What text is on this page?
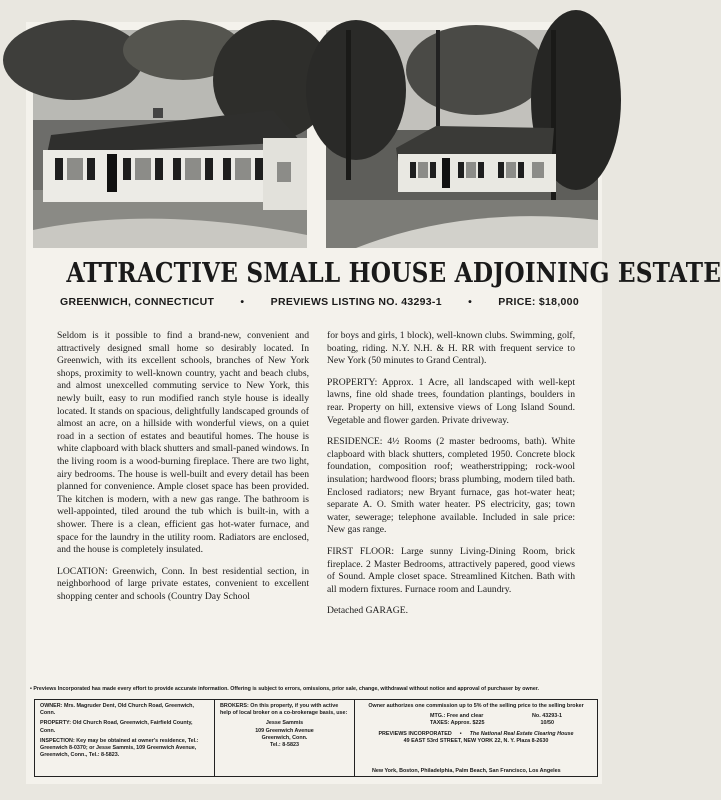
ATTRACTIVE SMALL HOUSE ADJOINING ESTATE
GREENWICH, CONNECTICUT • PREVIEWS LISTING NO. 43293-1 • PRICE: $18,000

Seldom is it possible to find a brand-new, convenient and attractively designed small home so desirably located. In Greenwich, with its excellent schools, branches of New York shops, proximity to well-known country, yacht and beach clubs, and almost unexcelled commuting service to New York, this newly built, easy to run modified ranch style house is ideally located. It stands on spacious, delightfully landscaped grounds of almost an acre, on a hillside with wonderful views, on a quiet road in a section of estates and beautiful homes. The house is white clapboard with black shutters and small-paned windows. In the living room is a wood-burning fireplace. There are two light, airy bedrooms. The house is well-built and every detail has been planned for convenience. Ample closet space has been provided. The kitchen is modern, with a new gas range. The bathroom is well-appointed, tiled around the tub which is built-in, with a shower. There is a clean, efficient gas hot-water furnace, and space for the laundry in the utility room. Radiators are enclosed, and the house is completely insulated.

LOCATION: Greenwich, Conn. In best residential section, in neighborhood of large private estates, convenient to excellent shopping center and schools (Country Day School

for boys and girls, 1 block), well-known clubs. Swimming, golf, boating, riding. N.Y. N.H. & H. RR with frequent service to New York (50 minutes to Grand Central).

PROPERTY: Approx. 1 Acre, all landscaped with well-kept lawns, fine old shade trees, foundation plantings, boulders in rear. Property on hill, extensive views of Long Island Sound. Vegetable and flower garden. Private driveway.

RESIDENCE: 4½ Rooms (2 master bedrooms, bath). White clapboard with black shutters, completed 1950. Concrete block foundation, composition roof; weatherstripping; rock-wool insulation; hardwood floors; brass plumbing, modern tiled bath. Enclosed radiators; new Bryant furnace, gas hot-water heat; separate A. O. Smith water heater. PS electricity, gas; town water, sewerage; telephone available. Included in sale price: New gas range.

FIRST FLOOR: Large sunny Living-Dining Room, brick fireplace. 2 Master Bedrooms, attractively papered, good views of Sound. Ample closet space. Streamlined Kitchen. Bath with all modern fixtures. Furnace room and Laundry.

Detached GARAGE.

• Previews Incorporated has made every effort to provide accurate information. Offering is subject to errors, omissions, prior sale, change, withdrawal without notice and approval of purchaser by owner.
OWNER: Mrs. Magruder Dent, Old Church Road, Greenwich, Conn.
PROPERTY: Old Church Road, Greenwich, Fairfield County, Conn.
INSPECTION: Key may be obtained at owner's residence, Tel.: Greenwich 8-0370; or Jesse Sammis, 109 Greenwich Avenue, Greenwich, Conn., Tel.: 8-5823.
BROKERS: On this property, if you with active help of local broker on a co-brokerage basis, use:
Jesse Sammis
109 Greenwich Avenue
Greenwich, Conn.
Tel.: 8-5823
Owner authorizes one commission up to 5% of the selling price to the selling broker
MTG.: Free and clear	No. 43293-1
TAXES: Approx. $225	10/50
PREVIEWS INCORPORATED • The National Real Estate Clearing House
49 EAST 53rd STREET, NEW YORK 22, N. Y. Plaza 8-2630
New York, Boston, Philadelphia, Palm Beach, San Francisco, Los Angeles
